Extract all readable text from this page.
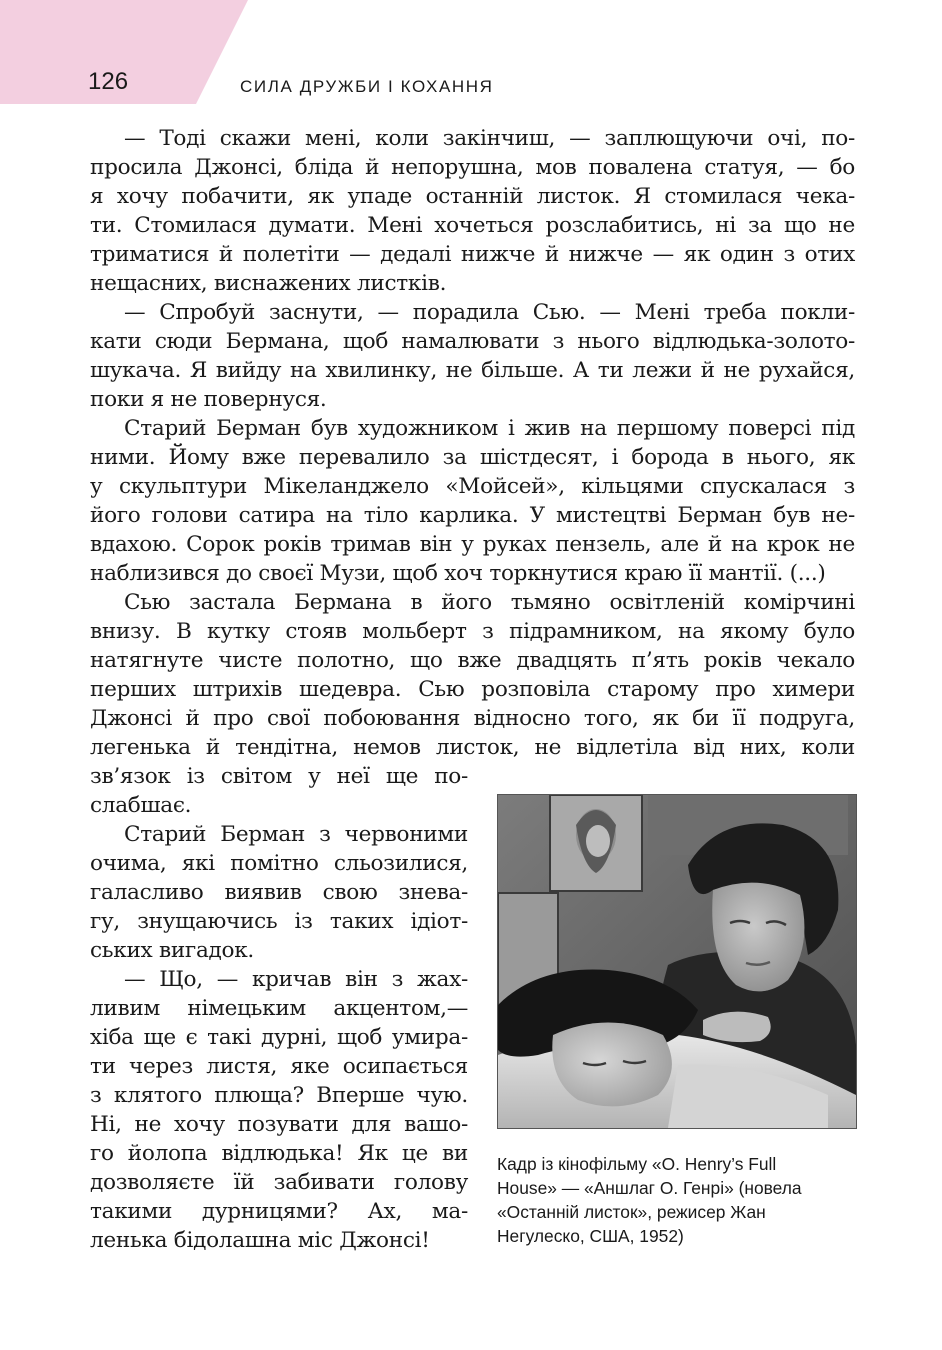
126	СИЛА ДРУЖБИ І КОХАННЯ

— Тоді скажи мені, коли закінчиш, — заплющуючи очі, по-
просила Джонсі, бліда й непорушна, мов повалена статуя, — бо
я хочу побачити, як упаде останній листок. Я стомилася чека-
ти. Стомилася думати. Мені хочеться розслабитись, ні за що не
триматися й полетіти — дедалі нижче й нижче — як один з отих
нещасних, виснажених листків.

— Спробуй заснути, — порадила Сью. — Мені треба покли-
кати сюди Бермана, щоб намалювати з нього відлюдька-золото-
шукача. Я вийду на хвилинку, не більше. А ти лежи й не рухайся,
поки я не повернуся.

Старий Берман був художником і жив на першому поверсі під
ними. Йому вже перевалило за шістдесят, і борода в нього, як
у скульптури Мікеланджело «Мойсей», кільцями спускалася з
його голови сатира на тіло карлика. У мистецтві Берман був не-
вдахою. Сорок років тримав він у руках пензель, але й на крок не
наблизився до своєї Музи, щоб хоч торкнутися краю її мантії. (...)

Сью застала Бермана в його тьмяно освітленій комірчині
внизу. В кутку стояв мольберт з підрамником, на якому було
натягнуте чисте полотно, що вже двадцять п’ять років чекало
перших штрихів шедевра. Сью розповіла старому про химери
Джонсі й про свої побоювання відносно того, як би її подруга,
легенька й тендітна, немов листок, не відлетіла від них, коли
зв’язок із світом у неї ще по-
слабшає.

Старий Берман з червоними
очима, які помітно сльозилися,
галасливо виявив свою знева-
гу, знущаючись із таких ідіот-
ських вигадок.

— Що, — кричав він з жах-
ливим німецьким акцентом,—
хіба ще є такі дурні, щоб умира-
ти через листя, яке осипається
з клятого плюща? Вперше чую.
Ні, не хочу позувати для вашо-
го йолопа відлюдька! Як це ви
дозволяєте їй забивати голову
такими дурницями? Ах, ма-
ленька бідолашна міс Джонсі!

Кадр із кінофільму «O. Henry’s Full
House» — «Аншлаг О. Генрі» (новела
«Останній листок», режисер Жан
Негулеско, США, 1952)
